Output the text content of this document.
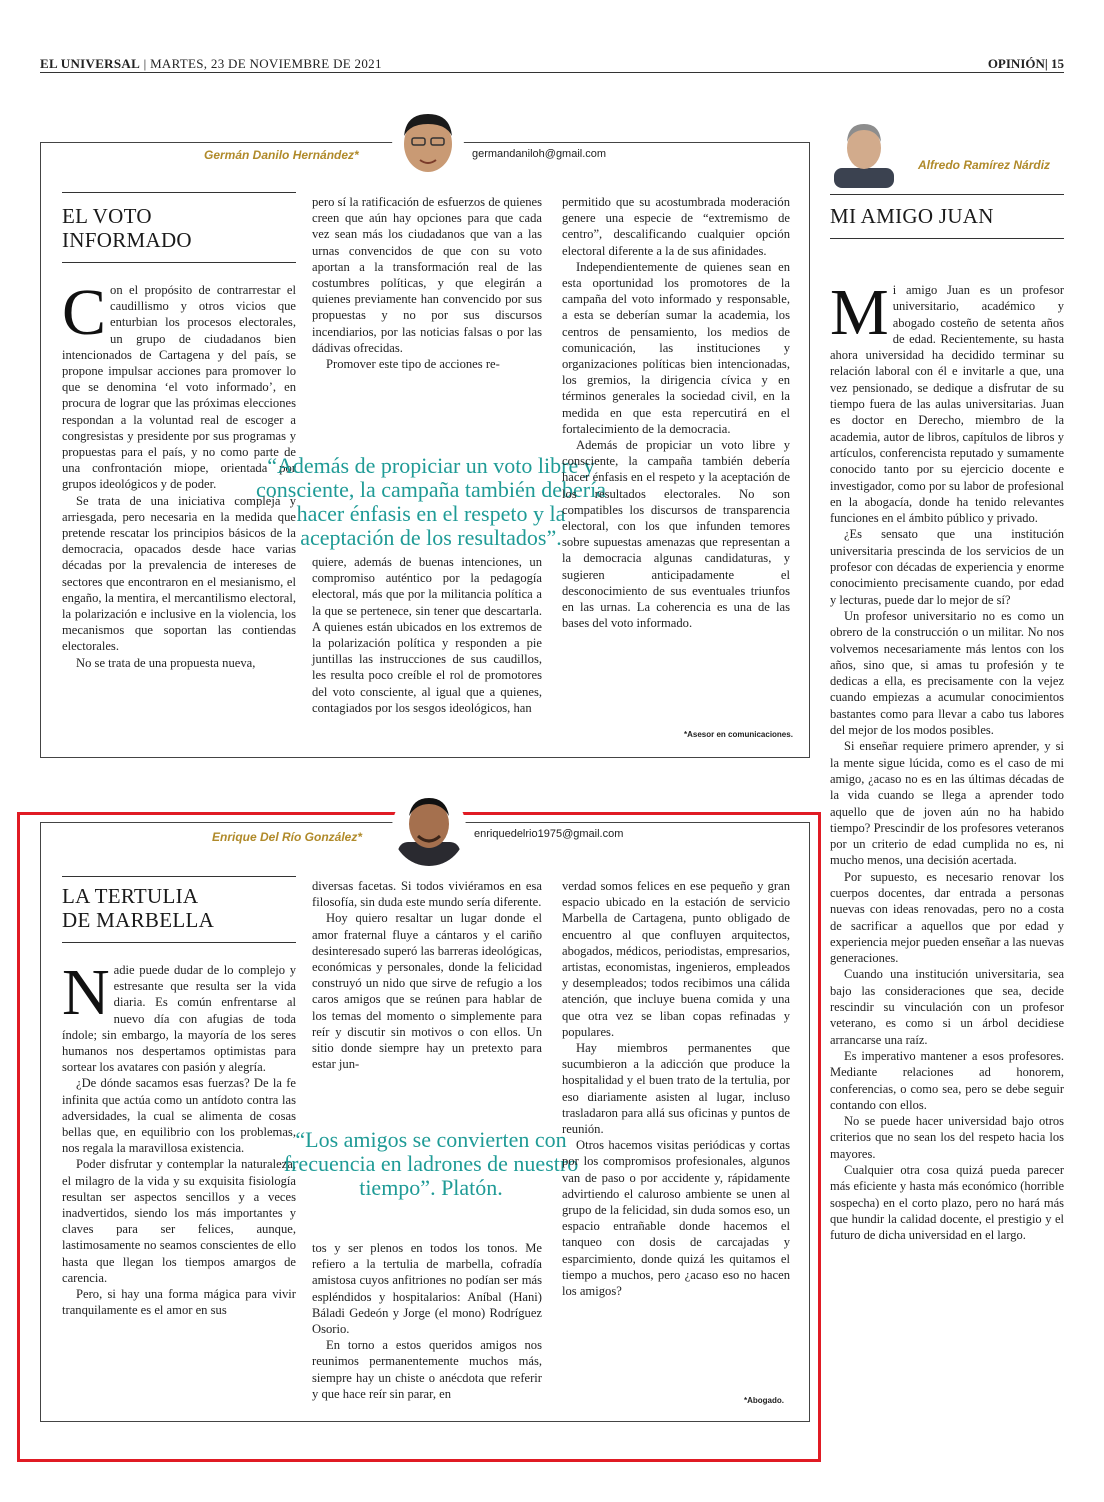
EL UNIVERSAL | MARTES, 23 DE NOVIEMBRE DE 2021	OPINIÓN| 15
Germán Danilo Hernández*	germandaniloh@gmail.com
EL VOTO
INFORMADO

Con el propósito de contrarrestar el caudillismo y otros vicios que enturbian los procesos electorales, un grupo de ciudadanos bien intencionados de Cartagena y del país, se propone impulsar acciones para promover lo que se denomina ‘el voto informado’, en procura de lograr que las próximas elecciones respondan a la voluntad real de escoger a congresistas y presidente por sus programas y propuestas para el país, y no como parte de una confrontación miope, orientada por grupos ideológicos y de poder.

Se trata de una iniciativa compleja y arriesgada, pero necesaria en la medida que pretende rescatar los principios básicos de la democracia, opacados desde hace varias décadas por la prevalencia de intereses de sectores que encontraron en el mesianismo, el engaño, la mentira, el mercantilismo electoral, la polarización e inclusive en la violencia, los mecanismos que soportan las contiendas electorales.

No se trata de una propuesta nueva,

pero sí la ratificación de esfuerzos de quienes creen que aún hay opciones para que cada vez sean más los ciudadanos que van a las urnas convencidos de que con su voto aportan a la transformación real de las costumbres políticas, y que elegirán a quienes previamente han convencido por sus propuestas y no por sus discursos incendiarios, por las noticias falsas o por las dádivas ofrecidas.

Promover este tipo de acciones re-

“Además de propiciar un voto libre y consciente, la campaña también debería hacer énfasis en el respeto y la aceptación de los resultados”.

quiere, además de buenas intenciones, un compromiso auténtico por la pedagogía electoral, más que por la militancia política a la que se pertenece, sin tener que descartarla. A quienes están ubicados en los extremos de la polarización política y responden a pie juntillas las instrucciones de sus caudillos, les resulta poco creíble el rol de promotores del voto consciente, al igual que a quienes, contagiados por los sesgos ideológicos, han

permitido que su acostumbrada moderación genere una especie de “extremismo de centro”, descalificando cualquier opción electoral diferente a la de sus afinidades.

Independientemente de quienes sean en esta oportunidad los promotores de la campaña del voto informado y responsable, a esta se deberían sumar la academia, los centros de pensamiento, los medios de comunicación, las instituciones y organizaciones políticas bien intencionadas, los gremios, la dirigencia cívica y en términos generales la sociedad civil, en la medida en que esta repercutirá en el fortalecimiento de la democracia.

Además de propiciar un voto libre y consciente, la campaña también debería hacer énfasis en el respeto y la aceptación de los resultados electorales. No son compatibles los discursos de transparencia electoral, con los que infunden temores sobre supuestas amenazas que representan a la democracia algunas candidaturas, y sugieren anticipadamente el desconocimiento de sus eventuales triunfos en las urnas. La coherencia es una de las bases del voto informado.

*Asesor en comunicaciones.
Enrique Del Río González*	enriquedelrio1975@gmail.com
LA TERTULIA
DE MARBELLA

Nadie puede dudar de lo complejo y estresante que resulta ser la vida diaria. Es común enfrentarse al nuevo día con afugias de toda índole; sin embargo, la mayoría de los seres humanos nos despertamos optimistas para sortear los avatares con pasión y alegría.

¿De dónde sacamos esas fuerzas? De la fe infinita que actúa como un antídoto contra las adversidades, la cual se alimenta de cosas bellas que, en equilibrio con los problemas, nos regala la maravillosa existencia.

Poder disfrutar y contemplar la naturaleza, el milagro de la vida y su exquisita fisiología resultan ser aspectos sencillos y a veces inadvertidos, siendo los más importantes y claves para ser felices, aunque, lastimosamente no seamos conscientes de ello hasta que llegan los tiempos amargos de carencia.

Pero, si hay una forma mágica para vivir tranquilamente es el amor en sus

diversas facetas. Si todos viviéramos en esa filosofía, sin duda este mundo sería diferente.

Hoy quiero resaltar un lugar donde el amor fraternal fluye a cántaros y el cariño desinteresado superó las barreras ideológicas, económicas y personales, donde la felicidad construyó un nido que sirve de refugio a los caros amigos que se reúnen para hablar de los temas del momento o simplemente para reír y discutir sin motivos o con ellos. Un sitio donde siempre hay un pretexto para estar jun-

“Los amigos se convierten con frecuencia en ladrones de nuestro tiempo”. Platón.

tos y ser plenos en todos los tonos. Me refiero a la tertulia de marbella, cofradía amistosa cuyos anfitriones no podían ser más espléndidos y hospitalarios: Aníbal (Hani) Báladi Gedeón y Jorge (el mono) Rodríguez Osorio.

En torno a estos queridos amigos nos reunimos permanentemente muchos más, siempre hay un chiste o anécdota que referir y que hace reír sin parar, en

verdad somos felices en ese pequeño y gran espacio ubicado en la estación de servicio Marbella de Cartagena, punto obligado de encuentro al que confluyen arquitectos, abogados, médicos, periodistas, empresarios, artistas, economistas, ingenieros, empleados y desempleados; todos recibimos una cálida atención, que incluye buena comida y una que otra vez se liban copas refinadas y populares.

Hay miembros permanentes que sucumbieron a la adicción que produce la hospitalidad y el buen trato de la tertulia, por eso diariamente asisten al lugar, incluso trasladaron para allá sus oficinas y puntos de reunión.

Otros hacemos visitas periódicas y cortas por los compromisos profesionales, algunos van de paso o por accidente y, rápidamente advirtiendo el caluroso ambiente se unen al grupo de la felicidad, sin duda somos eso, un espacio entrañable donde hacemos el tanqueo con dosis de carcajadas y esparcimiento, donde quizá les quitamos el tiempo a muchos, pero ¿acaso eso no hacen los amigos?

*Abogado.
Alfredo Ramírez Nárdiz
MI AMIGO JUAN

Mi amigo Juan es un profesor universitario, académico y abogado costeño de setenta años de edad. Recientemente, su hasta ahora universidad ha decidido terminar su relación laboral con él e invitarle a que, una vez pensionado, se dedique a disfrutar de su tiempo fuera de las aulas universitarias. Juan es doctor en Derecho, miembro de la academia, autor de libros, capítulos de libros y artículos, conferencista reputado y sumamente conocido tanto por su ejercicio docente e investigador, como por su labor de profesional en la abogacía, donde ha tenido relevantes funciones en el ámbito público y privado.

¿Es sensato que una institución universitaria prescinda de los servicios de un profesor con décadas de experiencia y enorme conocimiento precisamente cuando, por edad y lecturas, puede dar lo mejor de sí?

Un profesor universitario no es como un obrero de la construcción o un militar. No nos volvemos necesariamente más lentos con los años, sino que, si amas tu profesión y te dedicas a ella, es precisamente con la vejez cuando empiezas a acumular conocimientos bastantes como para llevar a cabo tus labores del mejor de los modos posibles.

Si enseñar requiere primero aprender, y si la mente sigue lúcida, como es el caso de mi amigo, ¿acaso no es en las últimas décadas de la vida cuando se llega a aprender todo aquello que de joven aún no ha habido tiempo? Prescindir de los profesores veteranos por un criterio de edad cumplida no es, ni mucho menos, una decisión acertada.

Por supuesto, es necesario renovar los cuerpos docentes, dar entrada a personas nuevas con ideas renovadas, pero no a costa de sacrificar a aquellos que por edad y experiencia mejor pueden enseñar a las nuevas generaciones.

Cuando una institución universitaria, sea bajo las consideraciones que sea, decide rescindir su vinculación con un profesor veterano, es como si un árbol decidiese arrancarse una raíz.

Es imperativo mantener a esos profesores. Mediante relaciones ad honorem, conferencias, o como sea, pero se debe seguir contando con ellos.

No se puede hacer universidad bajo otros criterios que no sean los del respeto hacia los mayores.

Cualquier otra cosa quizá pueda parecer más eficiente y hasta más económico (horrible sospecha) en el corto plazo, pero no hará más que hundir la calidad docente, el prestigio y el futuro de dicha universidad en el largo.
